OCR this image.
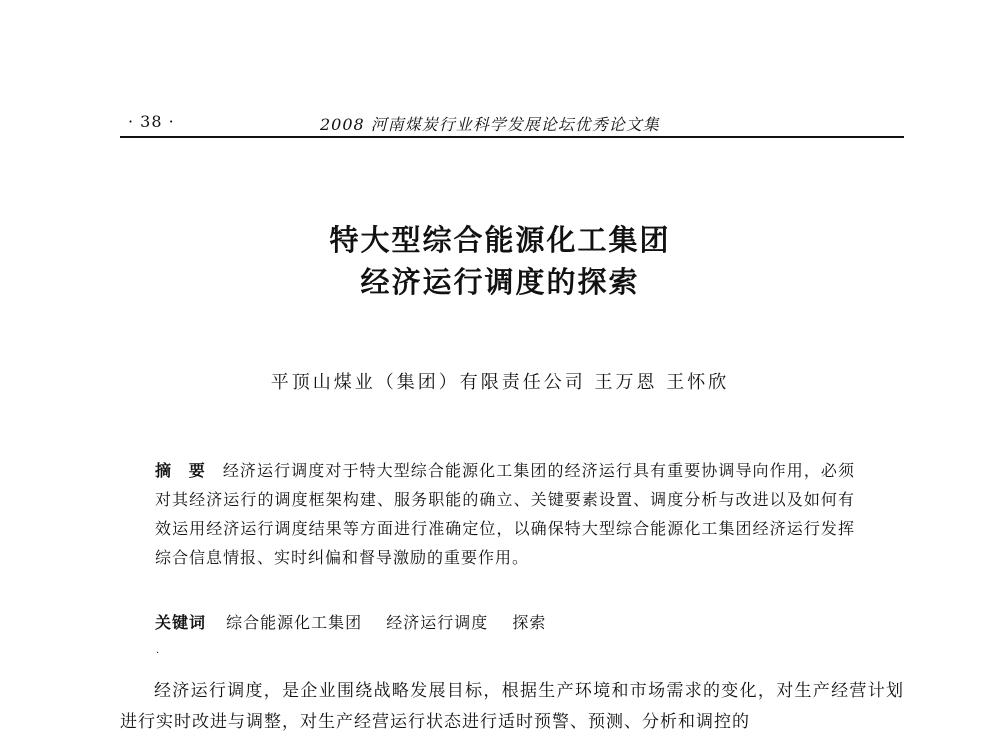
· 38 ·	2008 河南煤炭行业科学发展论坛优秀论文集
特大型综合能源化工集团
经济运行调度的探索
平顶山煤业（集团）有限责任公司 王万恩 王怀欣
摘 要 经济运行调度对于特大型综合能源化工集团的经济运行具有重要协调导向作用，必须对其经济运行的调度框架构建、服务职能的确立、关键要素设置、调度分析与改进以及如何有效运用经济运行调度结果等方面进行准确定位，以确保特大型综合能源化工集团经济运行发挥综合信息情报、实时纠偏和督导激励的重要作用。
关键词 综合能源化工集团 经济运行调度 探索
·
经济运行调度，是企业围绕战略发展目标，根据生产环境和市场需求的变化，对生产经营计划进行实时改进与调整，对生产经营运行状态进行适时预警、预测、分析和调控的
